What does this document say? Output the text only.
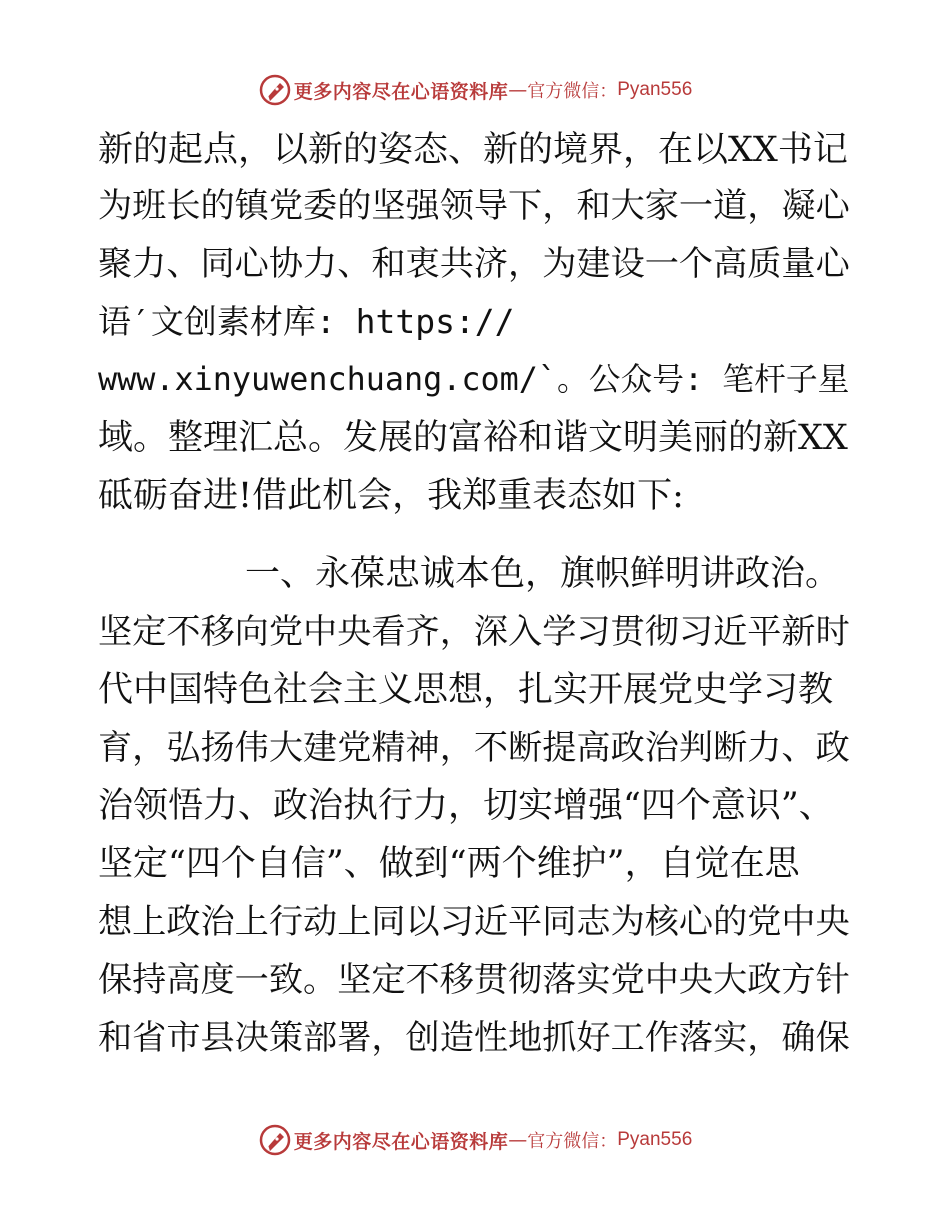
更多内容尽在心语资料库 — 官方微信： Pyan556
新的起点，以新的姿态、新的境界，在以XX书记
为班长的镇党委的坚强领导下，和大家一道，凝心
聚力、同心协力、和衷共济，为建设一个高质量心
语′文创素材库: https://
www.xinyuwenchuang.com/`。公众号: 笔杆子星
域。整理汇总。发展的富裕和谐文明美丽的新XX
砥砺奋进!借此机会，我郑重表态如下:
一、永葆忠诚本色，旗帜鲜明讲政治。
坚定不移向党中央看齐，深入学习贯彻习近平新时
代中国特色社会主义思想，扎实开展党史学习教
育，弘扬伟大建党精神，不断提高政治判断力、政
治领悟力、政治执行力，切实增强“四个意识”、
坚定“四个自信”、做到“两个维护”，自觉在思
想上政治上行动上同以习近平同志为核心的党中央
保持高度一致。坚定不移贯彻落实党中央大政方针
和省市县决策部署，创造性地抓好工作落实，确保
更多内容尽在心语资料库 — 官方微信： Pyan556
